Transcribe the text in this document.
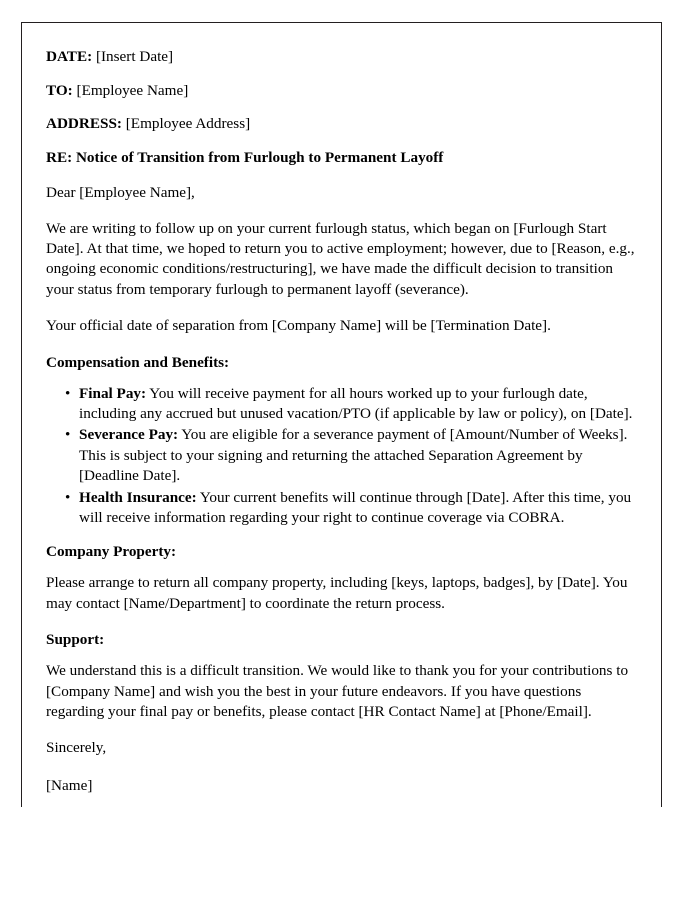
DATE: [Insert Date]
TO: [Employee Name]
ADDRESS: [Employee Address]
RE: Notice of Transition from Furlough to Permanent Layoff
Dear [Employee Name],

We are writing to follow up on your current furlough status, which began on [Furlough Start Date]. At that time, we hoped to return you to active employment; however, due to [Reason, e.g., ongoing economic conditions/restructuring], we have made the difficult decision to transition your status from temporary furlough to permanent layoff (severance).

Your official date of separation from [Company Name] will be [Termination Date].

Compensation and Benefits:
• Final Pay: You will receive payment for all hours worked up to your furlough date, including any accrued but unused vacation/PTO (if applicable by law or policy), on [Date].
• Severance Pay: You are eligible for a severance payment of [Amount/Number of Weeks]. This is subject to your signing and returning the attached Separation Agreement by [Deadline Date].
• Health Insurance: Your current benefits will continue through [Date]. After this time, you will receive information regarding your right to continue coverage via COBRA.
Company Property:

Please arrange to return all company property, including [keys, laptops, badges], by [Date]. You may contact [Name/Department] to coordinate the return process.

Support:

We understand this is a difficult transition. We would like to thank you for your contributions to [Company Name] and wish you the best in your future endeavors. If you have questions regarding your final pay or benefits, please contact [HR Contact Name] at [Phone/Email].

Sincerely,
[Name]
